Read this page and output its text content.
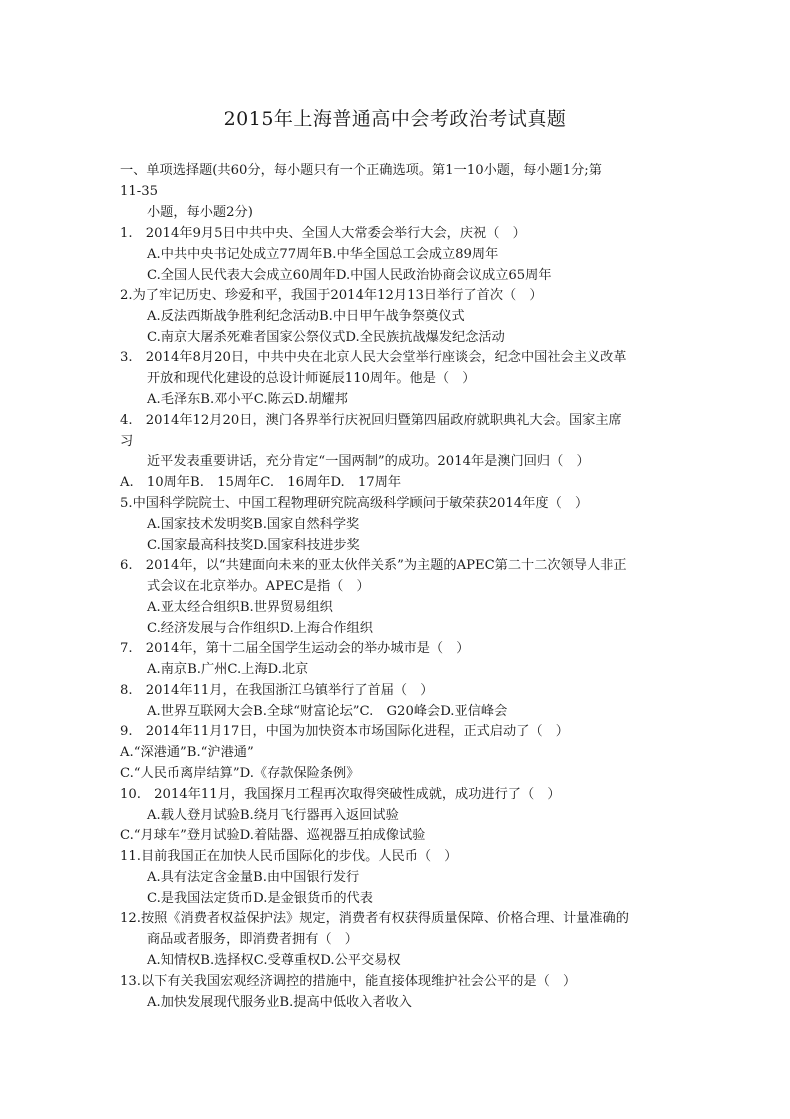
2015年上海普通高中会考政治考试真题
一、单项选择题(共60分，每小题只有一个正确选项。第1一10小题，每小题1分;第
11-35
小题，每小题2分)
1.　2014年9月5日中共中央、全国人大常委会举行大会，庆祝（　）
A.中共中央书记处成立77周年B.中华全国总工会成立89周年
C.全国人民代表大会成立60周年D.中国人民政治协商会议成立65周年
2.为了牢记历史、珍爱和平，我国于2014年12月13日举行了首次（　）
A.反法西斯战争胜利纪念活动B.中日甲午战争祭奠仪式
C.南京大屠杀死难者国家公祭仪式D.全民族抗战爆发纪念活动
3.　2014年8月20日，中共中央在北京人民大会堂举行座谈会，纪念中国社会主义改革
开放和现代化建设的总设计师诞辰110周年。他是（　）
A.毛泽东B.邓小平C.陈云D.胡耀邦
4.　2014年12月20日，澳门各界举行庆祝回归暨第四届政府就职典礼大会。国家主席
习
近平发表重要讲话，充分肯定“一国两制”的成功。2014年是澳门回归（　）
A.　10周年B.　15周年C.　16周年D.　17周年
5.中国科学院院士、中国工程物理研究院高级科学顾问于敏荣获2014年度（　）
A.国家技术发明奖B.国家自然科学奖
C.国家最高科技奖D.国家科技进步奖
6.　2014年，以“共建面向未来的亚太伙伴关系”为主题的APEC第二十二次领导人非正
式会议在北京举办。APEC是指（　）
A.亚太经合组织B.世界贸易组织
C.经济发展与合作组织D.上海合作组织
7.　2014年，第十二届全国学生运动会的举办城市是（　）
A.南京B.广州C.上海D.北京
8.　2014年11月，在我国浙江乌镇举行了首届（　）
A.世界互联网大会B.全球“财富论坛”C.　G20峰会D.亚信峰会
9.　2014年11月17日，中国为加快资本市场国际化进程，正式启动了（　）
A.“深港通”B.“沪港通”
C.“人民币离岸结算”D.《存款保险条例》
10.　2014年11月，我国探月工程再次取得突破性成就，成功进行了（　）
A.载人登月试验B.绕月飞行器再入返回试验
C.“月球车”登月试验D.着陆器、巡视器互拍成像试验
11.目前我国正在加快人民币国际化的步伐。人民币（　）
A.具有法定含金量B.由中国银行发行
C.是我国法定货币D.是金银货币的代表
12.按照《消费者权益保护法》规定，消费者有权获得质量保障、价格合理、计量准确的
商品或者服务，即消费者拥有（　）
A.知情权B.选择权C.受尊重权D.公平交易权
13.以下有关我国宏观经济调控的措施中，能直接体现维护社会公平的是（　）
A.加快发展现代服务业B.提高中低收入者收入
